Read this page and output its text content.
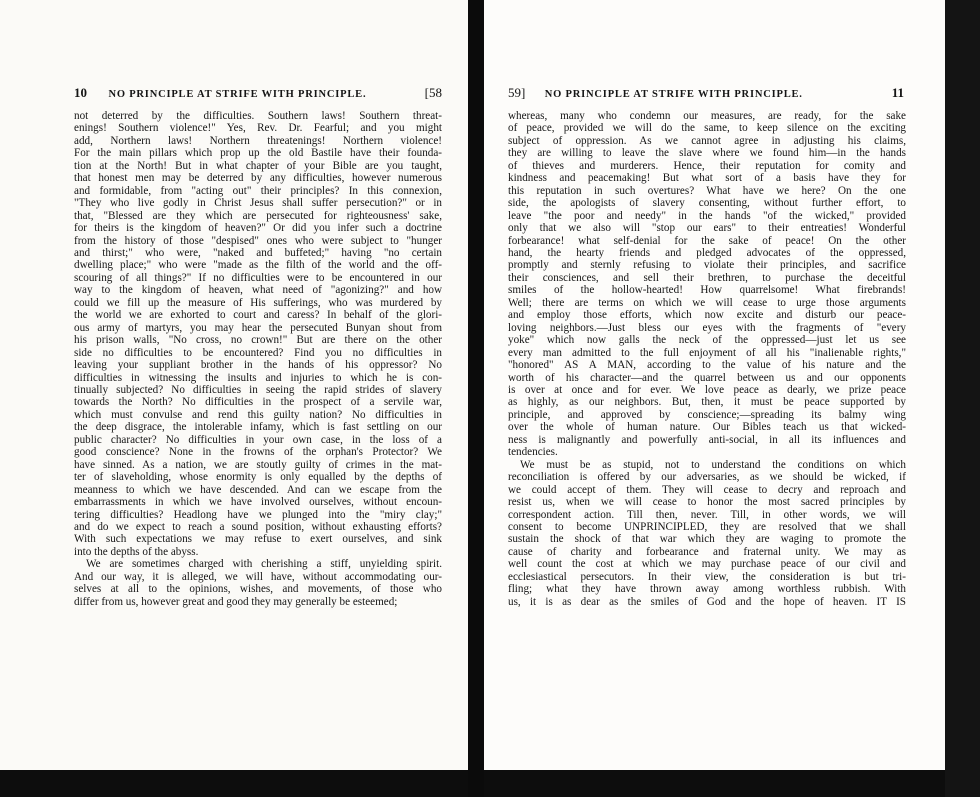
10 NO PRINCIPLE AT STRIFE WITH PRINCIPLE.	[58
not deterred by the difficulties. Southern laws! Southern threat-
enings! Southern violence!" Yes, Rev. Dr. Fearful; and you might
add, Northern laws! Northern threatenings! Northern violence!
For the main pillars which prop up the old Bastile have their founda-
tion at the North! But in what chapter of your Bible are you taught,
that honest men may be deterred by any difficulties, however numerous
and formidable, from "acting out" their principles? In this connexion,
"They who live godly in Christ Jesus shall suffer persecution?" or in
that, "Blessed are they which are persecuted for righteousness' sake,
for theirs is the kingdom of heaven?" Or did you infer such a doctrine
from the history of those "despised" ones who were subject to "hunger
and thirst;" who were, "naked and buffeted;" having "no certain
dwelling place;" who were "made as the filth of the world and the off-
scouring of all things?" If no difficulties were to be encountered in our
way to the kingdom of heaven, what need of "agonizing?" and how
could we fill up the measure of His sufferings, who was murdered by
the world we are exhorted to court and caress? In behalf of the glori-
ous army of martyrs, you may hear the persecuted Bunyan shout from
his prison walls, "No cross, no crown!" But are there on the other
side no difficulties to be encountered? Find you no difficulties in
leaving your suppliant brother in the hands of his oppressor? No
difficulties in witnessing the insults and injuries to which he is con-
tinually subjected? No difficulties in seeing the rapid strides of slavery
towards the North? No difficulties in the prospect of a servile war,
which must convulse and rend this guilty nation? No difficulties in
the deep disgrace, the intolerable infamy, which is fast settling on our
public character? No difficulties in your own case, in the loss of a
good conscience? None in the frowns of the orphan's Protector? We
have sinned. As a nation, we are stoutly guilty of crimes in the mat-
ter of slaveholding, whose enormity is only equalled by the depths of
meanness to which we have descended. And can we escape from the
embarrassments in which we have involved ourselves, without encoun-
tering difficulties? Headlong have we plunged into the "miry clay;"
and do we expect to reach a sound position, without exhausting efforts?
With such expectations we may refuse to exert ourselves, and sink
into the depths of the abyss.
We are sometimes charged with cherishing a stiff, unyielding spirit.
And our way, it is alleged, we will have, without accommodating our-
selves at all to the opinions, wishes, and movements, of those who
differ from us, however great and good they may generally be esteemed;
59] NO PRINCIPLE AT STRIFE WITH PRINCIPLE.	11
whereas, many who condemn our measures, are ready, for the sake
of peace, provided we will do the same, to keep silence on the exciting
subject of oppression. As we cannot agree in adjusting his claims,
they are willing to leave the slave where we found him—in the hands
of thieves and murderers. Hence, their reputation for comity and
kindness and peacemaking! But what sort of a basis have they for
this reputation in such overtures? What have we here? On the one
side, the apologists of slavery consenting, without further effort, to
leave "the poor and needy" in the hands "of the wicked," provided
only that we also will "stop our ears" to their entreaties! Wonderful
forbearance! what self-denial for the sake of peace! On the other
hand, the hearty friends and pledged advocates of the oppressed,
promptly and sternly refusing to violate their principles, and sacrifice
their consciences, and sell their brethren, to purchase the deceitful
smiles of the hollow-hearted! How quarrelsome! What firebrands!
Well; there are terms on which we will cease to urge those arguments
and employ those efforts, which now excite and disturb our peace-
loving neighbors.—Just bless our eyes with the fragments of "every
yoke" which now galls the neck of the oppressed—just let us see
every man admitted to the full enjoyment of all his "inalienable rights,"
"honored" AS A MAN, according to the value of his nature and the
worth of his character—and the quarrel between us and our opponents
is over at once and for ever. We love peace as dearly, we prize peace
as highly, as our neighbors. But, then, it must be peace supported by
principle, and approved by conscience;—spreading its balmy wing
over the whole of human nature. Our Bibles teach us that wicked-
ness is malignantly and powerfully anti-social, in all its influences and
tendencies.
We must be as stupid, not to understand the conditions on which
reconciliation is offered by our adversaries, as we should be wicked, if
we could accept of them. They will cease to decry and reproach and
resist us, when we will cease to honor the most sacred principles by
correspondent action. Till then, never. Till, in other words, we will
consent to become UNPRINCIPLED, they are resolved that we shall
sustain the shock of that war which they are waging to promote the
cause of charity and forbearance and fraternal unity. We may as
well count the cost at which we may purchase peace of our civil and
ecclesiastical persecutors. In their view, the consideration is but tri-
fling; what they have thrown away among worthless rubbish. With
us, it is as dear as the smiles of God and the hope of heaven. IT IS
